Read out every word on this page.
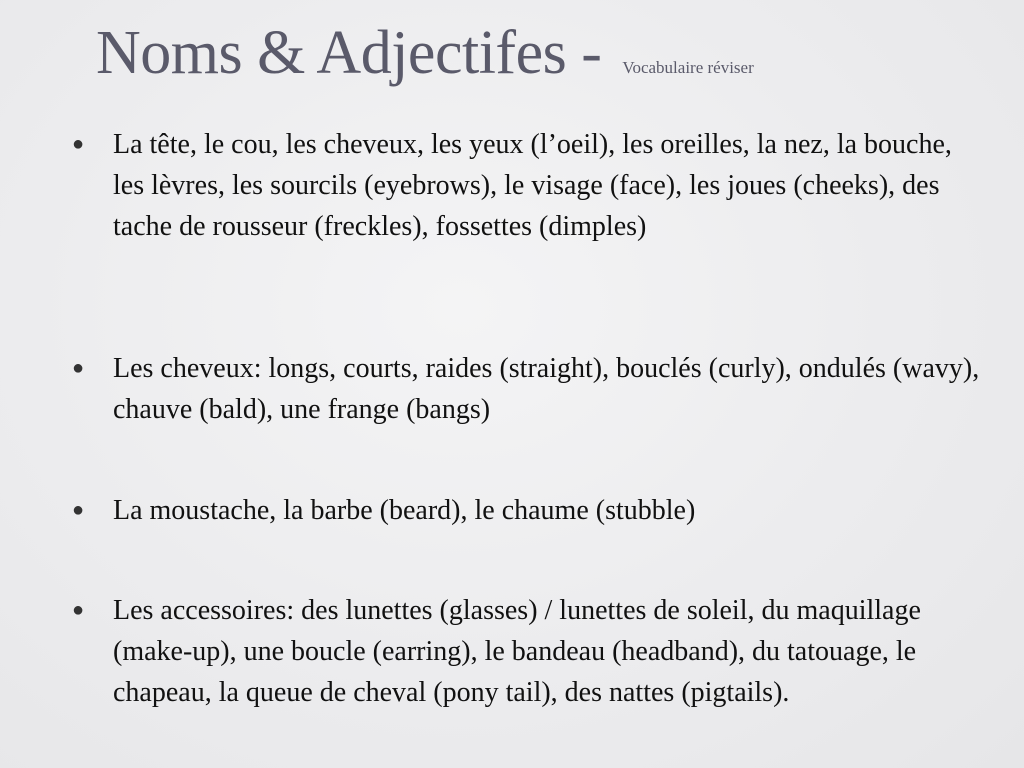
Noms & Adjectifes - Vocabulaire réviser
● La tête, le cou, les cheveux, les yeux (l’oeil), les oreilles, la nez, la bouche, les lèvres, les sourcils (eyebrows), le visage (face), les joues (cheeks), des tache de rousseur (freckles), fossettes (dimples)
● Les cheveux: longs, courts, raides (straight), bouclés (curly), ondulés (wavy), chauve (bald), une frange (bangs)
● La moustache, la barbe (beard), le chaume (stubble)
● Les accessoires: des lunettes (glasses) / lunettes de soleil, du maquillage (make-up), une boucle (earring), le bandeau (headband), du tatouage, le chapeau, la queue de cheval (pony tail), des nattes (pigtails).
